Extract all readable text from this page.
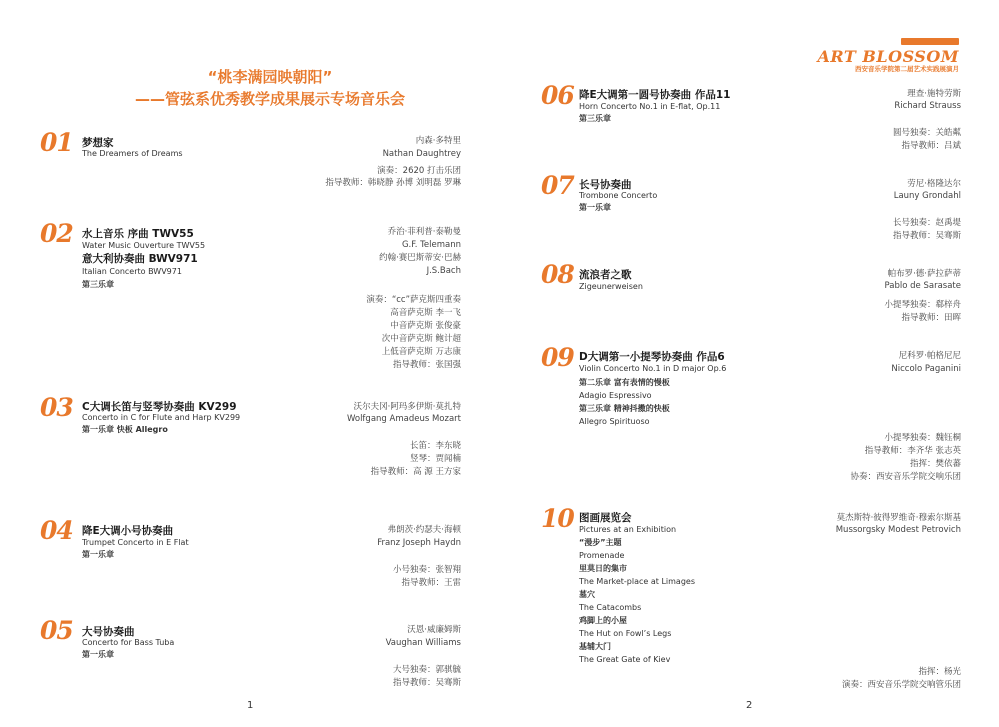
“桃李满园映朝阳”
——管弦系优秀教学成果展示专场音乐会
ART BLOSSOM
西安音乐学院第二届艺术实践展演月
01 梦想家
The Dreamers of Dreams
内森·多特里
Nathan Daughtrey
演奏：2620 打击乐团
指导教师：韩晓静 孙博 刘明磊 罗琳
02 水上音乐 序曲 TWV55
Water Music Ouverture TWV55
意大利协奏曲 BWV971
Italian Concerto BWV971
第三乐章
乔治·菲利普·泰勒曼
G.F. Telemann
约翰·赛巴斯蒂安·巴赫
J.S.Bach
演奏：“cc”萨克斯四重奏
高音萨克斯 李一飞
中音萨克斯 张俊豪
次中音萨克斯 鲍计超
上低音萨克斯 万志康
指导教师：张国强
03 C大调长笛与竖琴协奏曲 KV299
Concerto in C for Flute and Harp KV299
第一乐章 快板 Allegro
沃尔夫冈·阿玛多伊斯·莫扎特
Wolfgang Amadeus Mozart
长笛：李东晓
竖琴：贾闻楠
指导教师：高 源 王方家
04 降E大调小号协奏曲
Trumpet Concerto in E Flat
第一乐章
弗朗茨·约瑟夫·海顿
Franz Joseph Haydn
小号独奏：张智翔
指导教师：王雷
05 大号协奏曲
Concerto for Bass Tuba
第一乐章
沃恩·威廉姆斯
Vaughan Williams
大号独奏：郭骐毓
指导教师：吴骞斯
1
06 降E大调第一圆号协奏曲 作品11
Horn Concerto No.1 in E-flat, Op.11
第三乐章
理查·施特劳斯
Richard Strauss
圆号独奏：关皓粼
指导教师：吕斌
07 长号协奏曲
Trombone Concerto
第一乐章
劳尼·格隆达尔
Launy Grondahl
长号独奏：赵禹堤
指导教师：吴骞斯
08 流浪者之歌
Zigeunerweisen
帕布罗·德·萨拉萨蒂
Pablo de Sarasate
小提琴独奏：郗梓舟
指导教师：田晖
09 D大调第一小提琴协奏曲 作品6
Violin Concerto No.1 in D major Op.6
第二乐章 富有表情的慢板
Adagio Espressivo
第三乐章 精神抖擞的快板
Allegro Spirituoso
尼科罗·帕格尼尼
Niccolo Paganini
小提琴独奏：魏钰桐
指导教师：李齐华 张志英
指挥：樊依蕃
协奏：西安音乐学院交响乐团
10 图画展览会
Pictures at an Exhibition
“漫步”主题
Promenade
里莫日的集市
The Market-place at Limages
墓穴
The Catacombs
鸡脚上的小屋
The Hut on Fowl’s Legs
基辅大门
The Great Gate of Kiev
莫杰斯特·彼得罗维奇·穆索尔斯基
Mussorgsky Modest Petrovich
指挥：杨光
演奏：西安音乐学院交响管乐团
2
